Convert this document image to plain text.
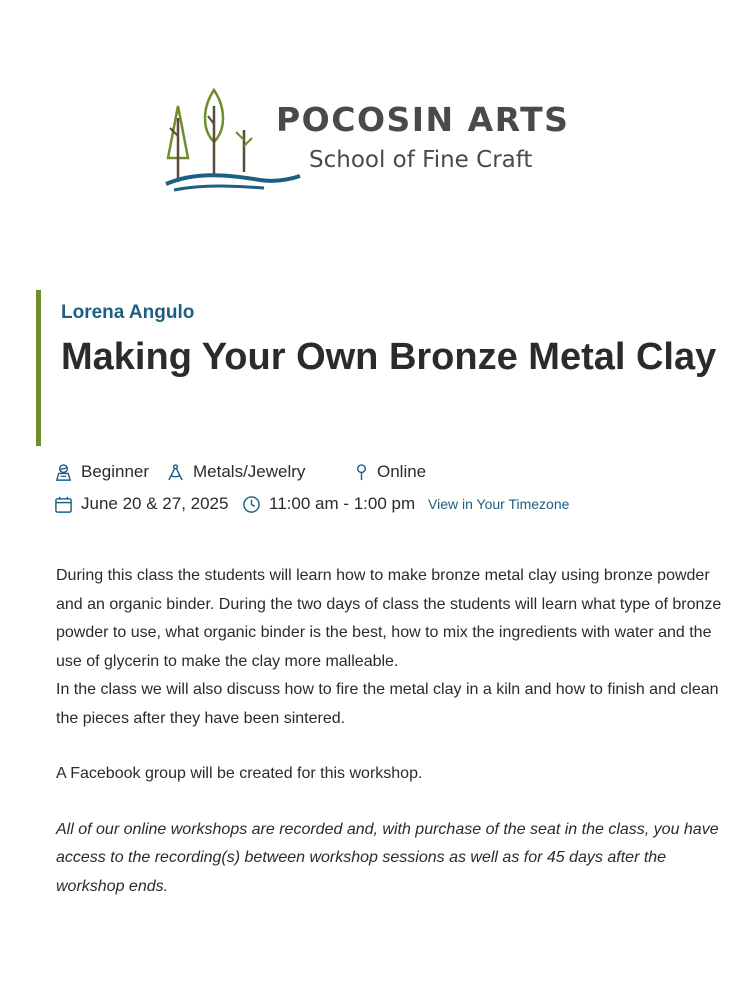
POCOSIN ARTS
School of Fine Craft
Lorena Angulo
Making Your Own Bronze Metal Clay
Beginner	Metals/Jewelry	Online
June 20 & 27, 2025 11:00 am - 1:00 pm View in Your Timezone

During this class the students will learn how to make bronze metal clay using bronze powder and an organic binder. During the two days of class the students will learn what type of bronze powder to use, what organic binder is the best, how to mix the ingredients with water and the use of glycerin to make the clay more malleable.

In the class we will also discuss how to fire the metal clay in a kiln and how to finish and clean the pieces after they have been sintered.

A Facebook group will be created for this workshop.

All of our online workshops are recorded and, with purchase of the seat in the class, you have access to the recording(s) between workshop sessions as well as for 45 days after the workshop ends.
